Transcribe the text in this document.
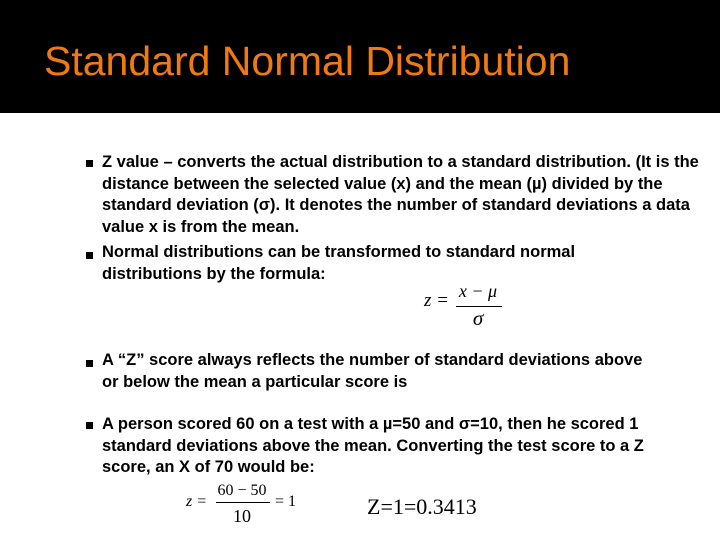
Standard Normal Distribution
Z value – converts the actual distribution to a standard distribution. (It is the distance between the selected value (x) and the mean (µ) divided by the standard deviation (σ). It denotes the number of standard deviations a data value x is from the mean.
Normal distributions can be transformed to standard normal distributions by the formula:
z = x − μ
σ
A “Z” score always reflects the number of standard deviations above or below the mean a particular score is
A person scored 60 on a test with a µ=50 and σ=10, then he scored 1 standard deviations above the mean. Converting the test score to a Z score, an X of 70 would be:
z =
60 − 50
10
= 1	Z=1=0.3413
